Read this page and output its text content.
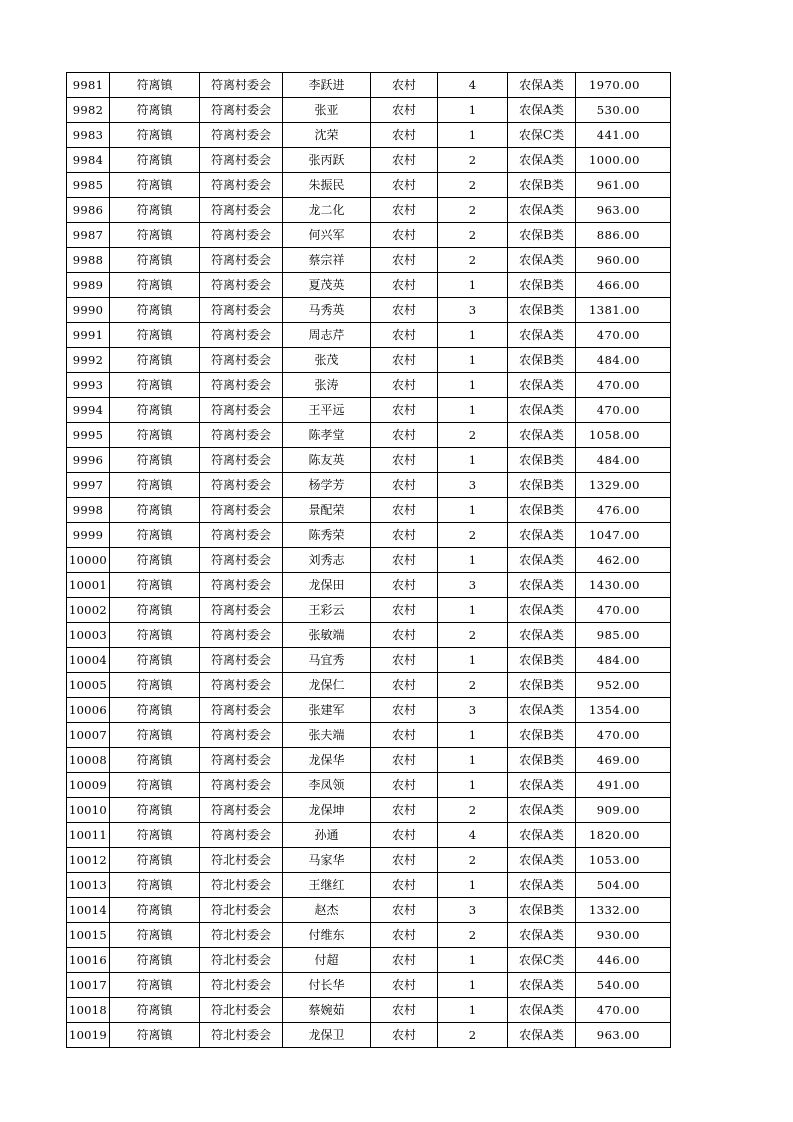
9981	符离镇	符离村委会	李跃进	农村	4	农保A类	1970.00
9982	符离镇	符离村委会	张亚	农村	1	农保A类	530.00
9983	符离镇	符离村委会	沈荣	农村	1	农保C类	441.00
9984	符离镇	符离村委会	张丙跃	农村	2	农保A类	1000.00
9985	符离镇	符离村委会	朱振民	农村	2	农保B类	961.00
9986	符离镇	符离村委会	龙二化	农村	2	农保A类	963.00
9987	符离镇	符离村委会	何兴军	农村	2	农保B类	886.00
9988	符离镇	符离村委会	蔡宗祥	农村	2	农保A类	960.00
9989	符离镇	符离村委会	夏茂英	农村	1	农保B类	466.00
9990	符离镇	符离村委会	马秀英	农村	3	农保B类	1381.00
9991	符离镇	符离村委会	周志芹	农村	1	农保A类	470.00
9992	符离镇	符离村委会	张茂	农村	1	农保B类	484.00
9993	符离镇	符离村委会	张涛	农村	1	农保A类	470.00
9994	符离镇	符离村委会	王平远	农村	1	农保A类	470.00
9995	符离镇	符离村委会	陈孝堂	农村	2	农保A类	1058.00
9996	符离镇	符离村委会	陈友英	农村	1	农保B类	484.00
9997	符离镇	符离村委会	杨学芳	农村	3	农保B类	1329.00
9998	符离镇	符离村委会	景配荣	农村	1	农保B类	476.00
9999	符离镇	符离村委会	陈秀荣	农村	2	农保A类	1047.00
10000	符离镇	符离村委会	刘秀志	农村	1	农保A类	462.00
10001	符离镇	符离村委会	龙保田	农村	3	农保A类	1430.00
10002	符离镇	符离村委会	王彩云	农村	1	农保A类	470.00
10003	符离镇	符离村委会	张敏端	农村	2	农保A类	985.00
10004	符离镇	符离村委会	马宜秀	农村	1	农保B类	484.00
10005	符离镇	符离村委会	龙保仁	农村	2	农保B类	952.00
10006	符离镇	符离村委会	张建军	农村	3	农保A类	1354.00
10007	符离镇	符离村委会	张夫端	农村	1	农保B类	470.00
10008	符离镇	符离村委会	龙保华	农村	1	农保B类	469.00
10009	符离镇	符离村委会	李凤领	农村	1	农保A类	491.00
10010	符离镇	符离村委会	龙保坤	农村	2	农保A类	909.00
10011	符离镇	符离村委会	孙通	农村	4	农保A类	1820.00
10012	符离镇	符北村委会	马家华	农村	2	农保A类	1053.00
10013	符离镇	符北村委会	王继红	农村	1	农保A类	504.00
10014	符离镇	符北村委会	赵杰	农村	3	农保B类	1332.00
10015	符离镇	符北村委会	付维东	农村	2	农保A类	930.00
10016	符离镇	符北村委会	付超	农村	1	农保C类	446.00
10017	符离镇	符北村委会	付长华	农村	1	农保A类	540.00
10018	符离镇	符北村委会	蔡婉茹	农村	1	农保A类	470.00
10019	符离镇	符北村委会	龙保卫	农村	2	农保A类	963.00
